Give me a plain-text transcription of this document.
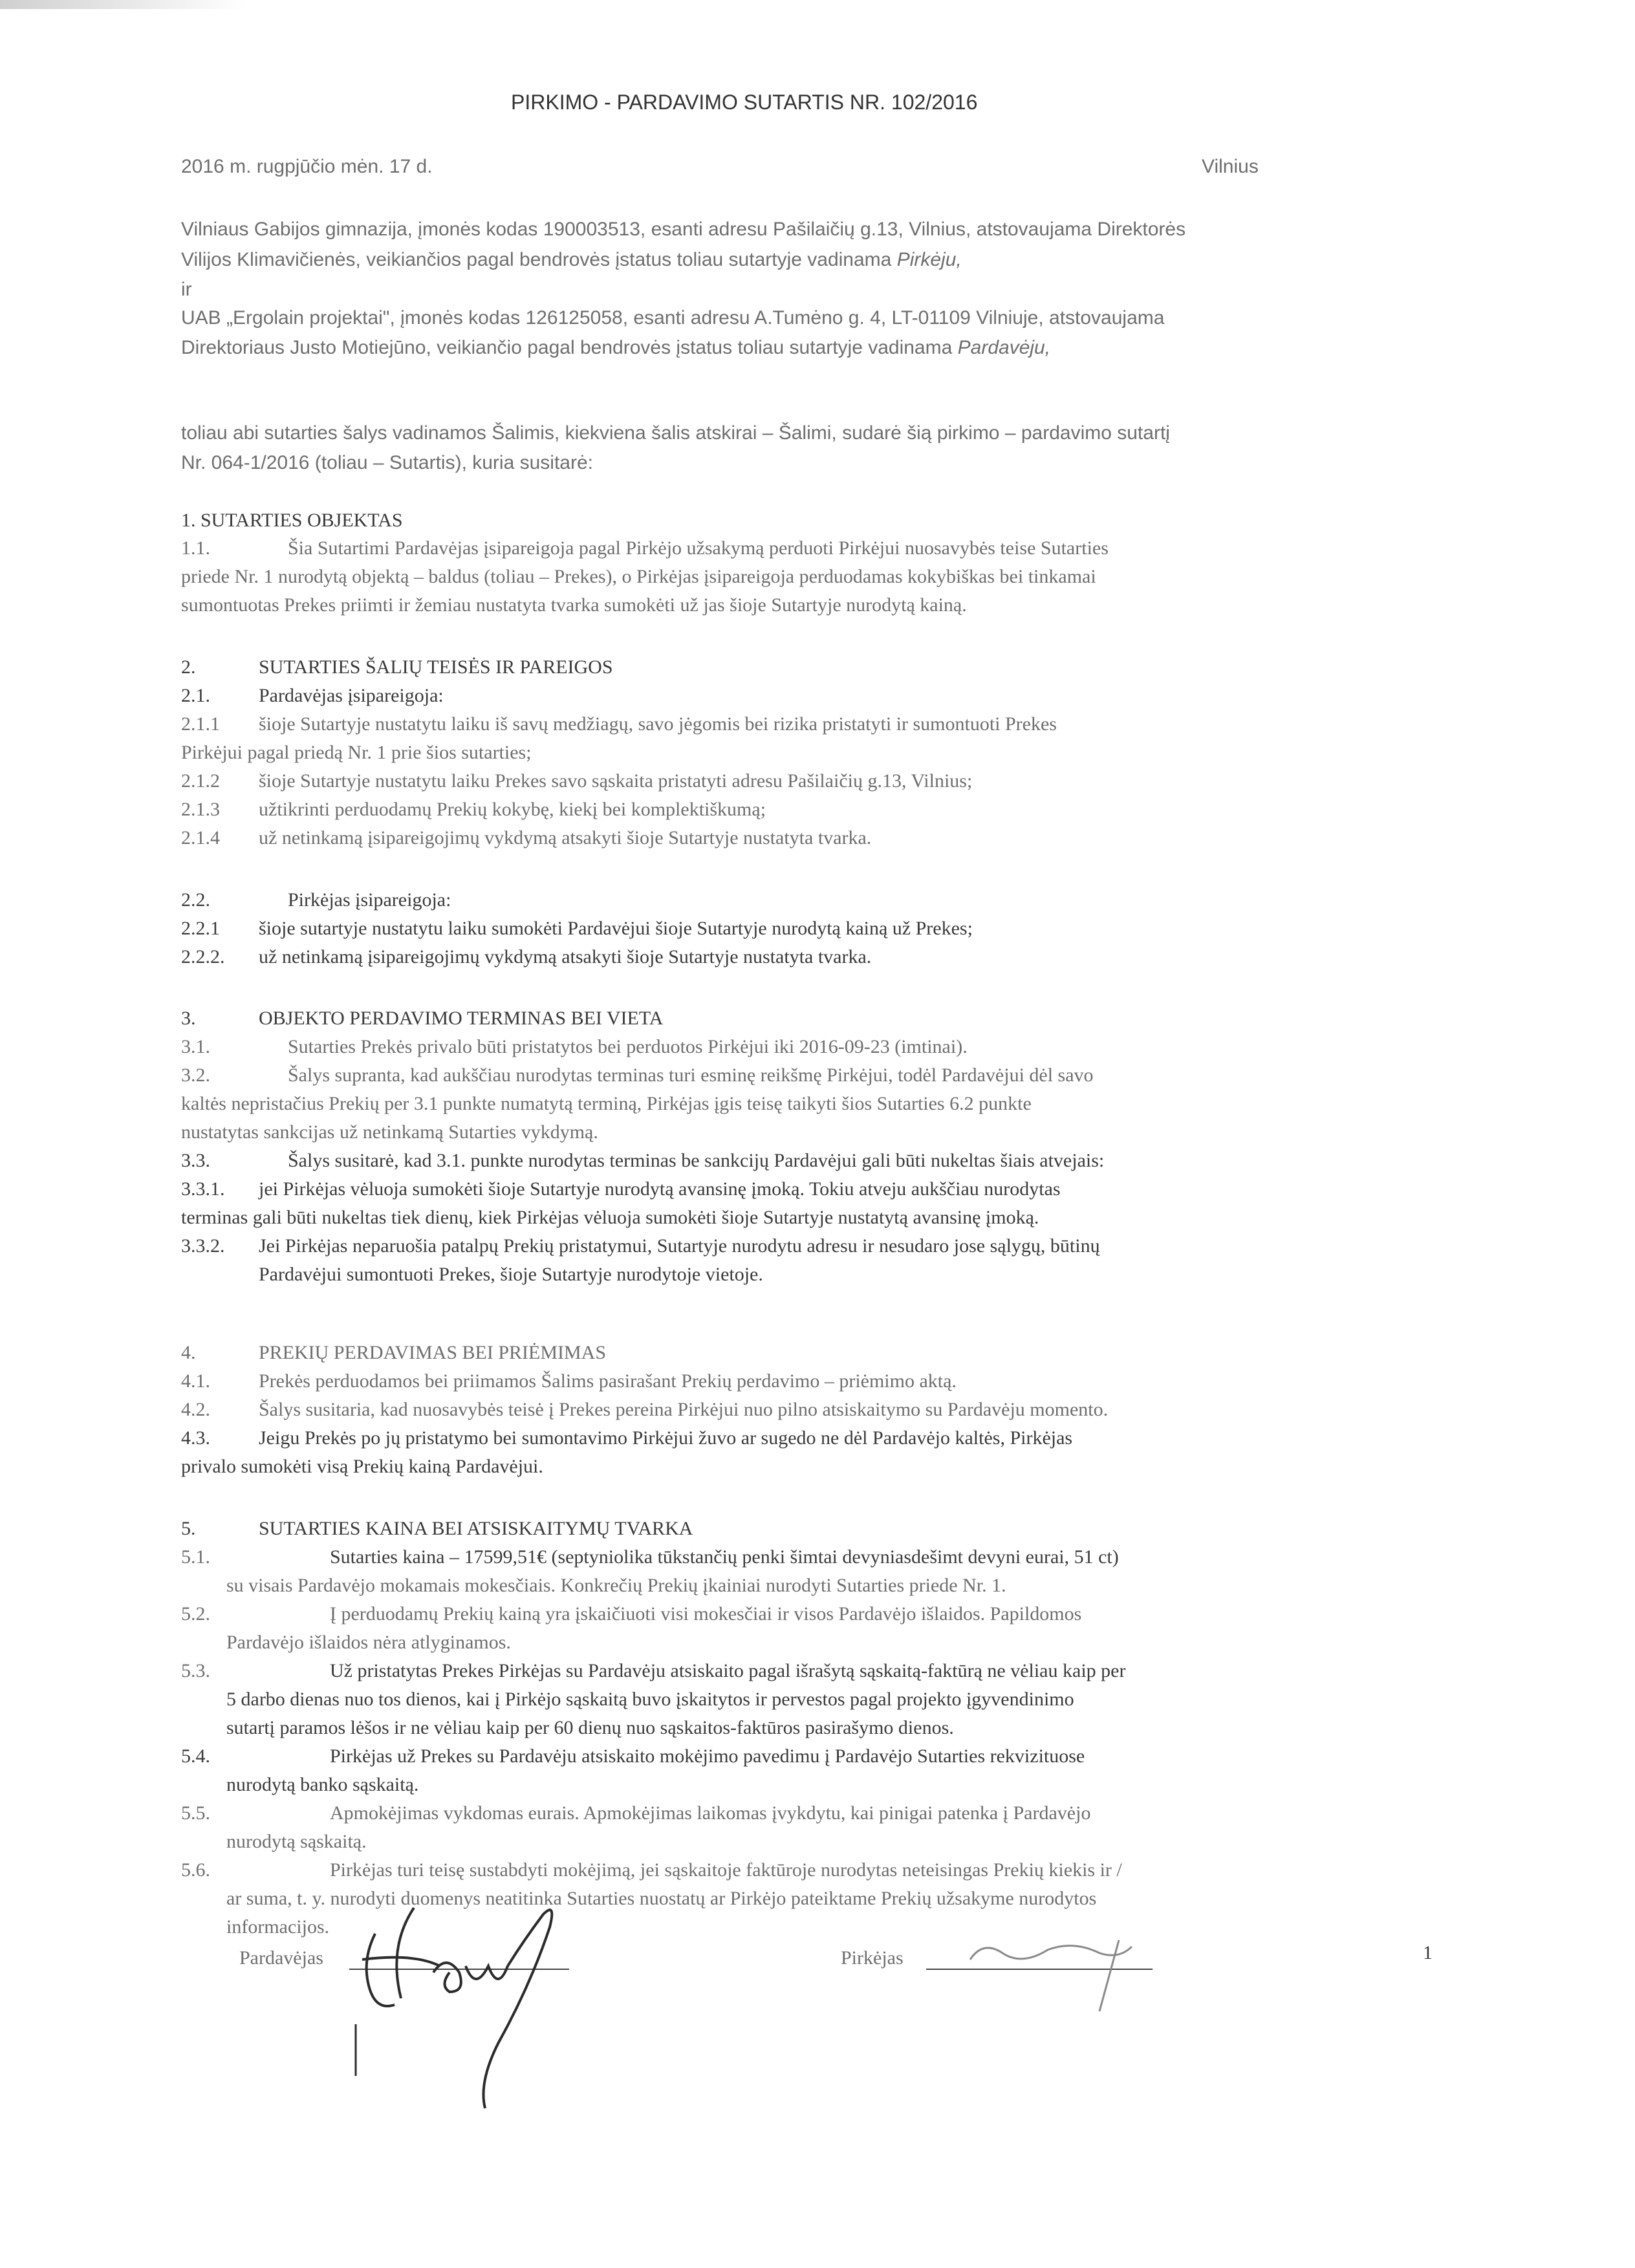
PIRKIMO - PARDAVIMO SUTARTIS NR. 102/2016
2016 m. rugpjūčio mėn. 17 d.	Vilnius
Vilniaus Gabijos gimnazija, įmonės kodas 190003513, esanti adresu Pašilaičių g.13, Vilnius, atstovaujama Direktorės
Vilijos Klimavičienės, veikiančios pagal bendrovės įstatus toliau sutartyje vadinama Pirkėju,
ir
UAB „Ergolain projektai", įmonės kodas 126125058, esanti adresu A.Tumėno g. 4, LT-01109 Vilniuje, atstovaujama
Direktoriaus Justo Motiejūno, veikiančio pagal bendrovės įstatus toliau sutartyje vadinama Pardavėju,
toliau abi sutarties šalys vadinamos Šalimis, kiekviena šalis atskirai – Šalimi, sudarė šią pirkimo – pardavimo sutartį
Nr. 064-1/2016 (toliau – Sutartis), kuria susitarė:
1. SUTARTIES OBJEKTAS
1.1.	Šia Sutartimi Pardavėjas įsipareigoja pagal Pirkėjo užsakymą perduoti Pirkėjui nuosavybės teise Sutarties
priede Nr. 1 nurodytą objektą – baldus (toliau – Prekes), o Pirkėjas įsipareigoja perduodamas kokybiškas bei tinkamai
sumontuotas Prekes priimti ir žemiau nustatyta tvarka sumokėti už jas šioje Sutartyje nurodytą kainą.
2.	SUTARTIES ŠALIŲ TEISĖS IR PAREIGOS
2.1.	Pardavėjas įsipareigoja:
2.1.1 šioje Sutartyje nustatytu laiku iš savų medžiagų, savo jėgomis bei rizika pristatyti ir sumontuoti Prekes
Pirkėjui pagal priedą Nr. 1 prie šios sutarties;
2.1.2 šioje Sutartyje nustatytu laiku Prekes savo sąskaita pristatyti adresu Pašilaičių g.13, Vilnius;
2.1.3 užtikrinti perduodamų Prekių kokybę, kiekį bei komplektiškumą;
2.1.4 už netinkamą įsipareigojimų vykdymą atsakyti šioje Sutartyje nustatyta tvarka.
2.2.	Pirkėjas įsipareigoja:
2.2.1 šioje sutartyje nustatytu laiku sumokėti Pardavėjui šioje Sutartyje nurodytą kainą už Prekes;
2.2.2. už netinkamą įsipareigojimų vykdymą atsakyti šioje Sutartyje nustatyta tvarka.
3.	OBJEKTO PERDAVIMO TERMINAS BEI VIETA
3.1.	Sutarties Prekės privalo būti pristatytos bei perduotos Pirkėjui iki 2016-09-23 (imtinai).
3.2.	Šalys supranta, kad aukščiau nurodytas terminas turi esminę reikšmę Pirkėjui, todėl Pardavėjui dėl savo
kaltės nepristačius Prekių per 3.1 punkte numatytą terminą, Pirkėjas įgis teisę taikyti šios Sutarties 6.2 punkte
nustatytas sankcijas už netinkamą Sutarties vykdymą.
3.3.	Šalys susitarė, kad 3.1. punkte nurodytas terminas be sankcijų Pardavėjui gali būti nukeltas šiais atvejais:
3.3.1. jei Pirkėjas vėluoja sumokėti šioje Sutartyje nurodytą avansinę įmoką. Tokiu atveju aukščiau nurodytas
terminas gali būti nukeltas tiek dienų, kiek Pirkėjas vėluoja sumokėti šioje Sutartyje nustatytą avansinę įmoką.
3.3.2. Jei Pirkėjas neparuošia patalpų Prekių pristatymui, Sutartyje nurodytu adresu ir nesudaro jose sąlygų, būtinų
Pardavėjui sumontuoti Prekes, šioje Sutartyje nurodytoje vietoje.
4.	PREKIŲ PERDAVIMAS BEI PRIĖMIMAS
4.1.	Prekės perduodamos bei priimamos Šalims pasirašant Prekių perdavimo – priėmimo aktą.
4.2.	Šalys susitaria, kad nuosavybės teisė į Prekes pereina Pirkėjui nuo pilno atsiskaitymo su Pardavėju momento.
4.3.	Jeigu Prekės po jų pristatymo bei sumontavimo Pirkėjui žuvo ar sugedo ne dėl Pardavėjo kaltės, Pirkėjas
privalo sumokėti visą Prekių kainą Pardavėjui.
5.	SUTARTIES KAINA BEI ATSISKAITYMŲ TVARKA
5.1.	Sutarties kaina – 17599,51€ (septyniolika tūkstančių penki šimtai devyniasdešimt devyni eurai, 51 ct)
su visais Pardavėjo mokamais mokesčiais. Konkrečių Prekių įkainiai nurodyti Sutarties priede Nr. 1.
5.2.	Į perduodamų Prekių kainą yra įskaičiuoti visi mokesčiai ir visos Pardavėjo išlaidos. Papildomos
Pardavėjo išlaidos nėra atlyginamos.
5.3.	Už pristatytas Prekes Pirkėjas su Pardavėju atsiskaito pagal išrašytą sąskaitą-faktūrą ne vėliau kaip per
5 darbo dienas nuo tos dienos, kai į Pirkėjo sąskaitą buvo įskaitytos ir pervestos pagal projekto įgyvendinimo
sutartį paramos lėšos ir ne vėliau kaip per 60 dienų nuo sąskaitos-faktūros pasirašymo dienos.
5.4.	Pirkėjas už Prekes su Pardavėju atsiskaito mokėjimo pavedimu į Pardavėjo Sutarties rekvizituose
nurodytą banko sąskaitą.
5.5.	Apmokėjimas vykdomas eurais. Apmokėjimas laikomas įvykdytu, kai pinigai patenka į Pardavėjo
nurodytą sąskaitą.
5.6.	Pirkėjas turi teisę sustabdyti mokėjimą, jei sąskaitoje faktūroje nurodytas neteisingas Prekių kiekis ir /
ar suma, t. y. nurodyti duomenys neatitinka Sutarties nuostatų ar Pirkėjo pateiktame Prekių užsakyme nurodytos
informacijos.
Pardavėjas	Pirkėjas	1
